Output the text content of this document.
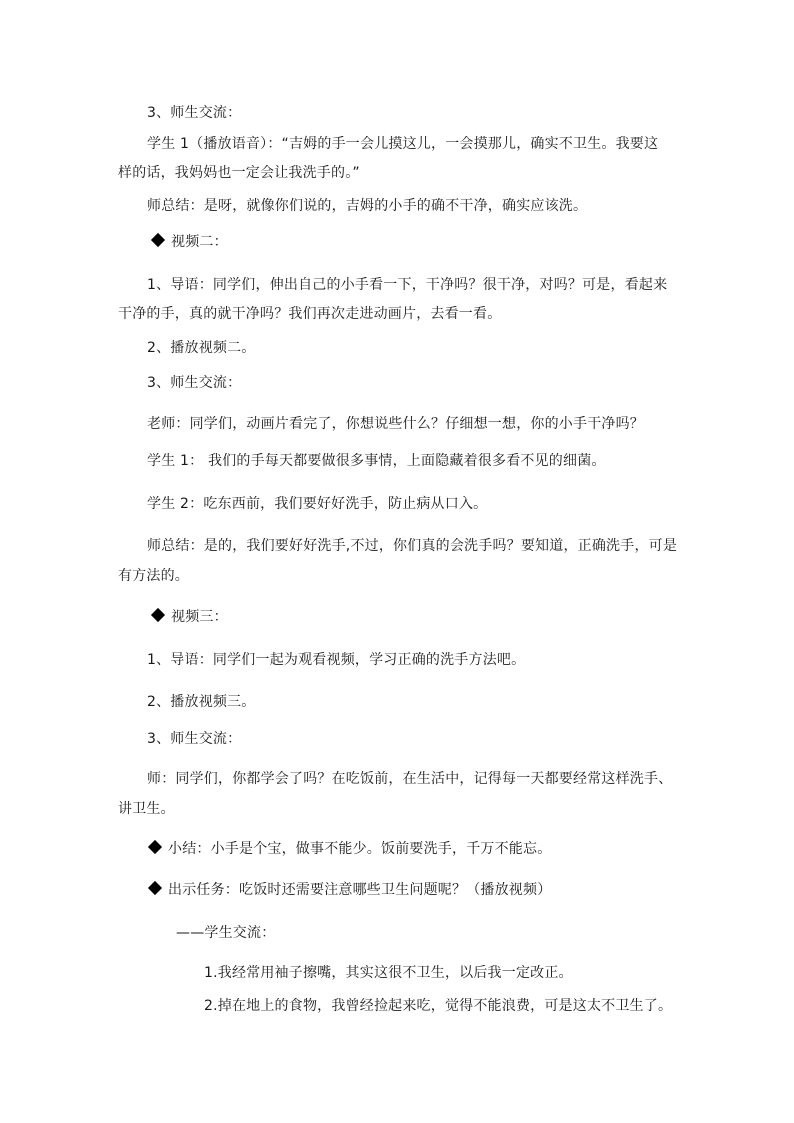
3、师生交流：
学生 1（播放语音）：“吉姆的手一会儿摸这儿，一会摸那儿，确实不卫生。我要这
样的话，我妈妈也一定会让我洗手的。”
师总结：是呀，就像你们说的，吉姆的小手的确不干净，确实应该洗。
视频二：
1、导语：同学们，伸出自己的小手看一下，干净吗？很干净，对吗？可是，看起来
干净的手，真的就干净吗？我们再次走进动画片，去看一看。
2、播放视频二。
3、师生交流：
老师：同学们，动画片看完了，你想说些什么？仔细想一想，你的小手干净吗？
学生 1： 我们的手每天都要做很多事情，上面隐藏着很多看不见的细菌。
学生 2：吃东西前，我们要好好洗手，防止病从口入。
师总结：是的，我们要好好洗手,不过，你们真的会洗手吗？要知道，正确洗手，可是
有方法的。
视频三：
1、导语：同学们一起为观看视频，学习正确的洗手方法吧。
2、播放视频三。
3、师生交流：
师：同学们，你都学会了吗？在吃饭前，在生活中，记得每一天都要经常这样洗手、
讲卫生。
小结：小手是个宝，做事不能少。饭前要洗手，千万不能忘。
出示任务：吃饭时还需要注意哪些卫生问题呢？（播放视频）
——学生交流：
1.我经常用袖子擦嘴，其实这很不卫生，以后我一定改正。
2.掉在地上的食物，我曾经捡起来吃，觉得不能浪费，可是这太不卫生了。
